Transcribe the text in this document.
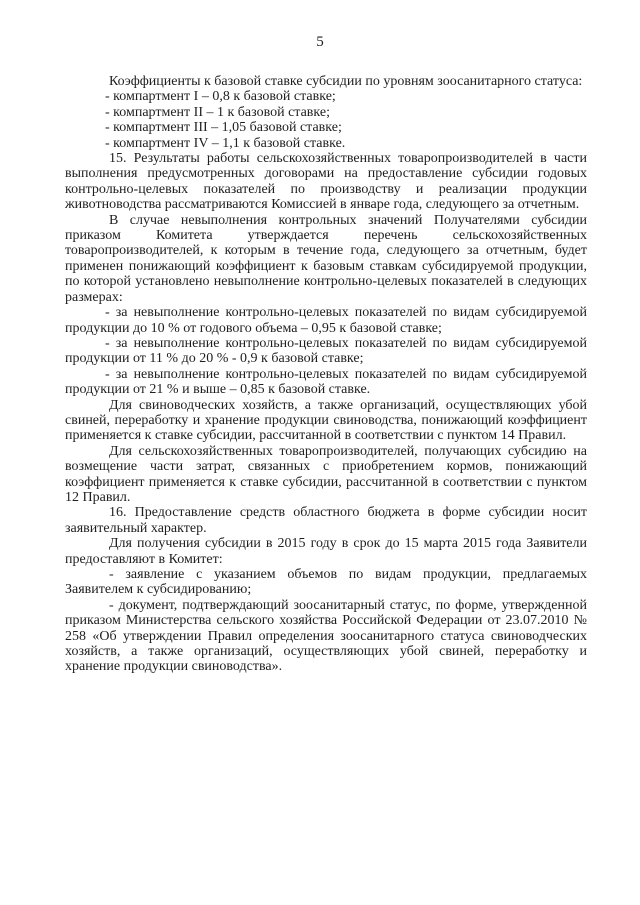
5

Коэффициенты к базовой ставке субсидии по уровням зоосанитарного статуса:

- компартмент I – 0,8 к базовой ставке;

- компартмент II – 1 к базовой ставке;

- компартмент III – 1,05 базовой ставке;

- компартмент IV – 1,1 к базовой ставке.

15. Результаты работы сельскохозяйственных товаропроизводителей в части выполнения предусмотренных договорами на предоставление субсидии годовых контрольно-целевых показателей по производству и реализации продукции животноводства рассматриваются Комиссией в январе года, следующего за отчетным.

В случае невыполнения контрольных значений Получателями субсидии приказом Комитета утверждается перечень сельскохозяйственных товаропроизводителей, к которым в течение года, следующего за отчетным, будет применен понижающий коэффициент к базовым ставкам субсидируемой продукции, по которой установлено невыполнение контрольно-целевых показателей в следующих размерах:

- за невыполнение контрольно-целевых показателей по видам субсидируемой продукции до 10 % от годового объема – 0,95 к базовой ставке;

- за невыполнение контрольно-целевых показателей по видам субсидируемой продукции от 11 % до 20 % - 0,9 к базовой ставке;

- за невыполнение контрольно-целевых показателей по видам субсидируемой продукции от 21 % и выше – 0,85 к базовой ставке.

Для свиноводческих хозяйств, а также организаций, осуществляющих убой свиней, переработку и хранение продукции свиноводства, понижающий коэффициент применяется к ставке субсидии, рассчитанной в соответствии с пунктом 14 Правил.

Для сельскохозяйственных товаропроизводителей, получающих субсидию на возмещение части затрат, связанных с приобретением кормов, понижающий коэффициент применяется к ставке субсидии, рассчитанной в соответствии с пунктом 12 Правил.

16. Предоставление средств областного бюджета в форме субсидии носит заявительный характер.

Для получения субсидии в 2015 году в срок до 15 марта 2015 года Заявители предоставляют в Комитет:

- заявление с указанием объемов по видам продукции, предлагаемых Заявителем к субсидированию;

- документ, подтверждающий зоосанитарный статус, по форме, утвержденной приказом Министерства сельского хозяйства Российской Федерации от 23.07.2010 № 258 «Об утверждении Правил определения зоосанитарного статуса свиноводческих хозяйств, а также организаций, осуществляющих убой свиней, переработку и хранение продукции свиноводства».
